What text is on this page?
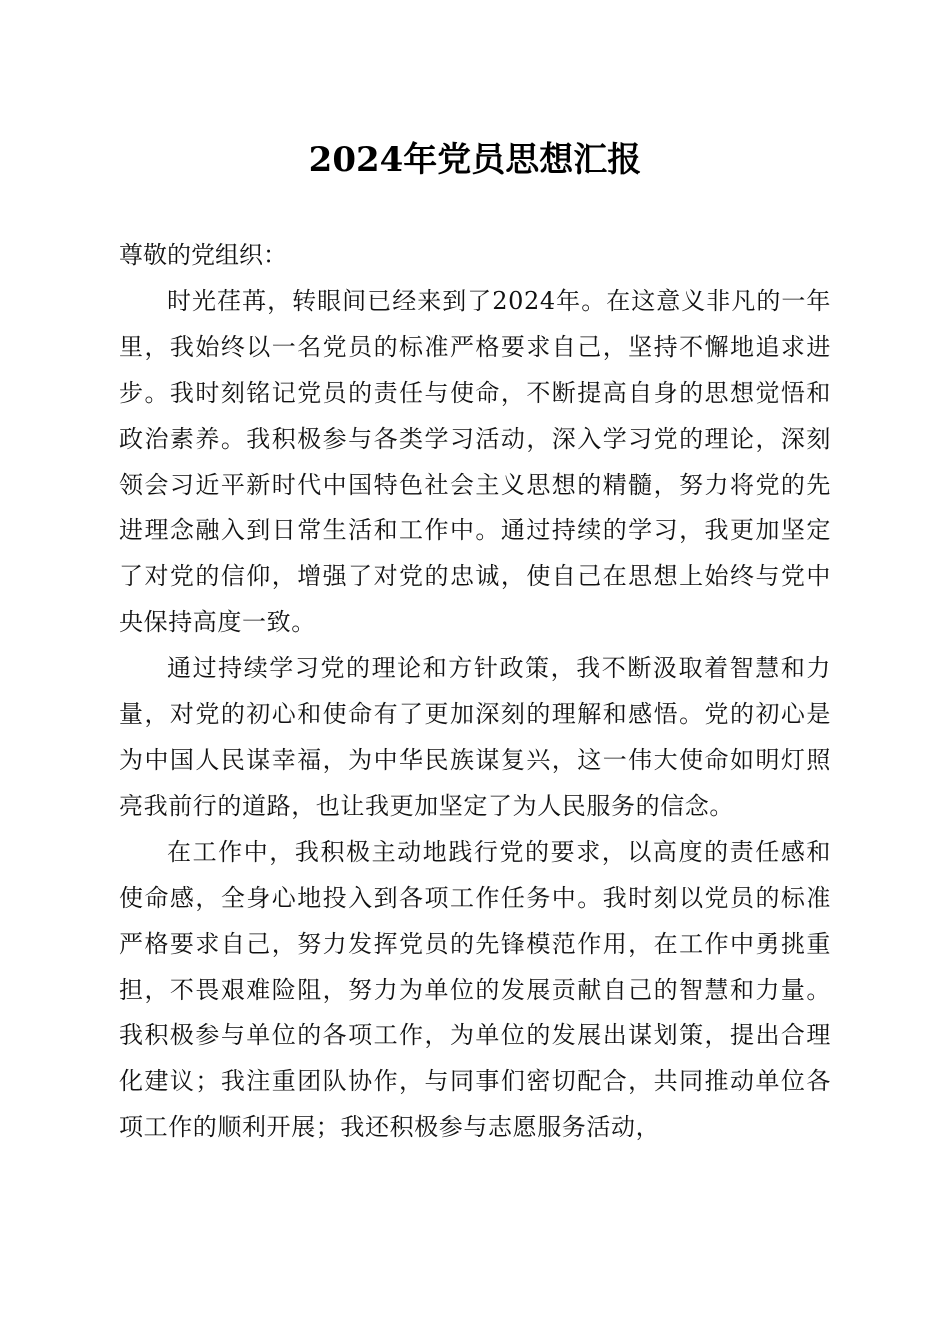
2024年党员思想汇报

尊敬的党组织：

时光荏苒，转眼间已经来到了2024年。在这意义非凡的一年里，我始终以一名党员的标准严格要求自己，坚持不懈地追求进步。我时刻铭记党员的责任与使命，不断提高自身的思想觉悟和政治素养。我积极参与各类学习活动，深入学习党的理论，深刻领会习近平新时代中国特色社会主义思想的精髓，努力将党的先进理念融入到日常生活和工作中。通过持续的学习，我更加坚定了对党的信仰，增强了对党的忠诚，使自己在思想上始终与党中央保持高度一致。

通过持续学习党的理论和方针政策，我不断汲取着智慧和力量，对党的初心和使命有了更加深刻的理解和感悟。党的初心是为中国人民谋幸福，为中华民族谋复兴，这一伟大使命如明灯照亮我前行的道路，也让我更加坚定了为人民服务的信念。

在工作中，我积极主动地践行党的要求，以高度的责任感和使命感，全身心地投入到各项工作任务中。我时刻以党员的标准严格要求自己，努力发挥党员的先锋模范作用，在工作中勇挑重担，不畏艰难险阻，努力为单位的发展贡献自己的智慧和力量。我积极参与单位的各项工作，为单位的发展出谋划策，提出合理化建议；我注重团队协作，与同事们密切配合，共同推动单位各项工作的顺利开展；我还积极参与志愿服务活动，
